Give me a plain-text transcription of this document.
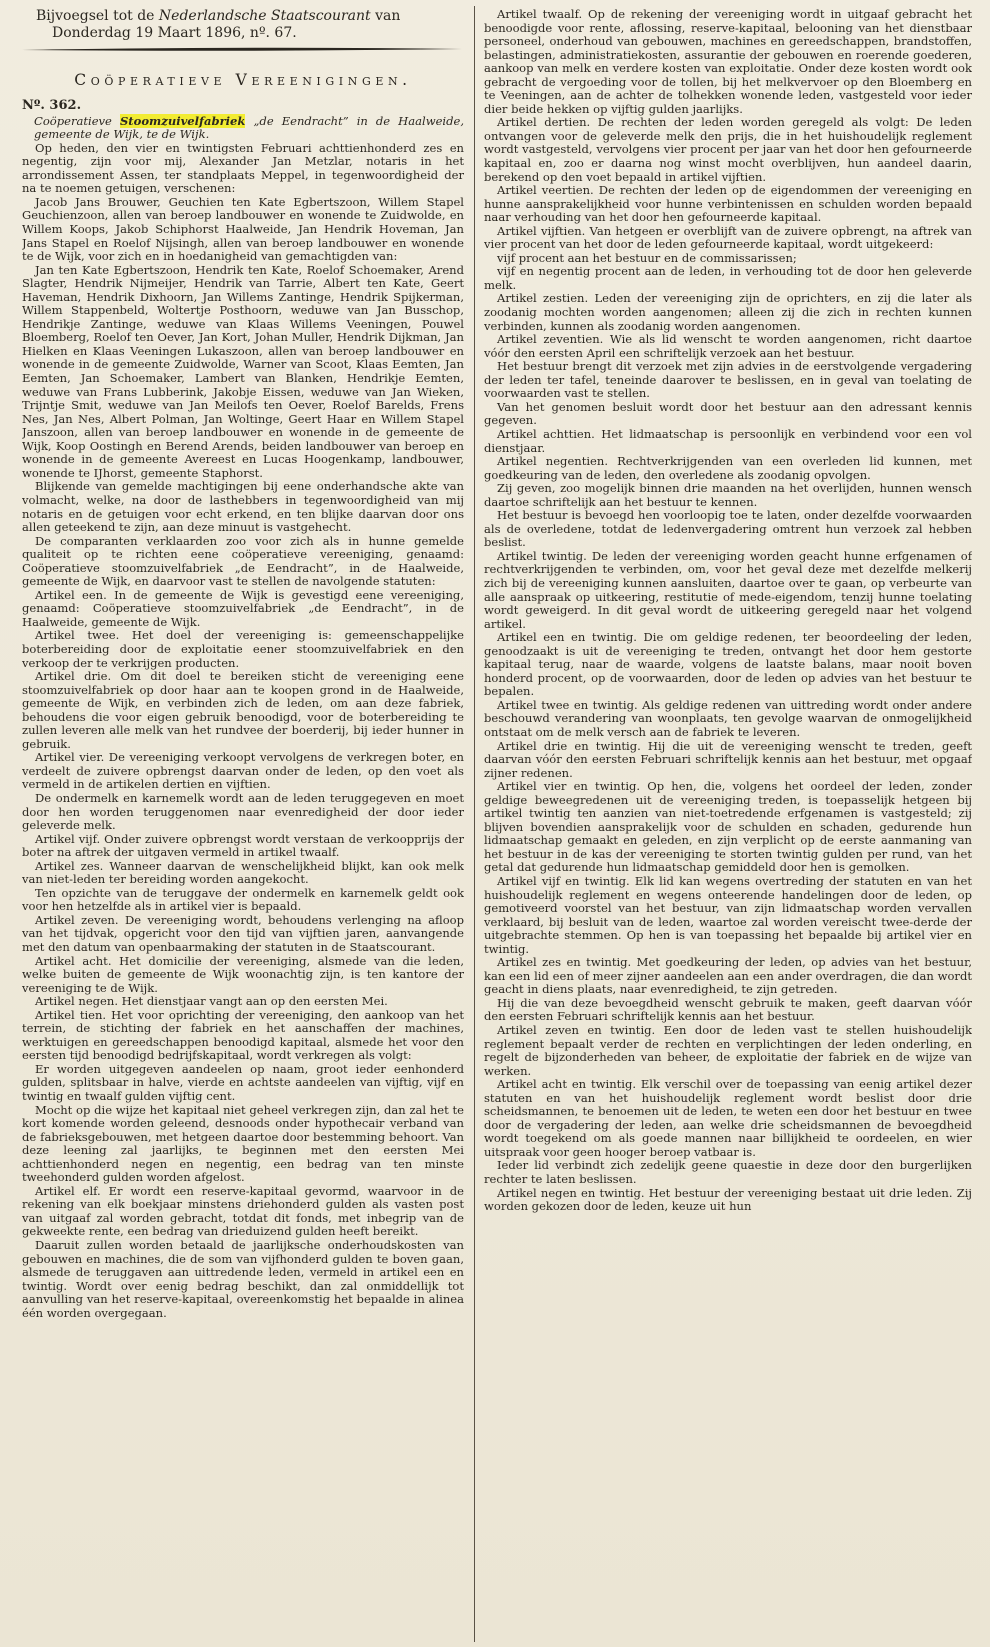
Bijvoegsel tot de Nederlandsche Staatscourant van
Donderdag 19 Maart 1896, nº. 67.
Coöperatieve Vereenigingen.
Nº. 362.

Coöperatieve Stoomzuivelfabriek „de Eendracht” in de Haalweide, gemeente de Wijk, te de Wijk.

Op heden, den vier en twintigsten Februari achttienhonderd zes en negentig, zijn voor mij, Alexander Jan Metzlar, notaris in het arrondissement Assen, ter standplaats Meppel, in tegenwoordigheid der na te noemen getuigen, verschenen:

Jacob Jans Brouwer, Geuchien ten Kate Egbertszoon, Willem Stapel Geuchienzoon, allen van beroep landbouwer en wonende te Zuidwolde, en Willem Koops, Jakob Schiphorst Haalweide, Jan Hendrik Hoveman, Jan Jans Stapel en Roelof Nijsingh, allen van beroep landbouwer en wonende te de Wijk, voor zich en in hoedanigheid van gemachtigden van:

Jan ten Kate Egbertszoon, Hendrik ten Kate, Roelof Schoemaker, Arend Slagter, Hendrik Nijmeijer, Hendrik van Tarrie, Albert ten Kate, Geert Haveman, Hendrik Dixhoorn, Jan Willems Zantinge, Hendrik Spijkerman, Willem Stappenbeld, Woltertje Posthoorn, weduwe van Jan Busschop, Hendrikje Zantinge, weduwe van Klaas Willems Veeningen, Pouwel Bloemberg, Roelof ten Oever, Jan Kort, Johan Muller, Hendrik Dijkman, Jan Hielken en Klaas Veeningen Lukaszoon, allen van beroep landbouwer en wonende in de gemeente Zuidwolde, Warner van Scoot, Klaas Eemten, Jan Eemten, Jan Schoemaker, Lambert van Blanken, Hendrikje Eemten, weduwe van Frans Lubberink, Jakobje Eissen, weduwe van Jan Wieken, Trijntje Smit, weduwe van Jan Meilofs ten Oever, Roelof Barelds, Frens Nes, Jan Nes, Albert Polman, Jan Woltinge, Geert Haar en Willem Stapel Janszoon, allen van beroep landbouwer en wonende in de gemeente de Wijk, Koop Oostingh en Berend Arends, beiden landbouwer van beroep en wonende in de gemeente Avereest en Lucas Hoogenkamp, landbouwer, wonende te IJhorst, gemeente Staphorst.

Blijkende van gemelde machtigingen bij eene onderhandsche akte van volmacht, welke, na door de lasthebbers in tegenwoordigheid van mij notaris en de getuigen voor echt erkend, en ten blijke daarvan door ons allen geteekend te zijn, aan deze minuut is vastgehecht.

De comparanten verklaarden zoo voor zich als in hunne gemelde qualiteit op te richten eene coöperatieve vereeniging, genaamd: Coöperatieve stoomzuivelfabriek „de Eendracht”, in de Haalweide, gemeente de Wijk, en daarvoor vast te stellen de navolgende statuten:

Artikel een. In de gemeente de Wijk is gevestigd eene vereeniging, genaamd: Coöperatieve stoomzuivelfabriek „de Eendracht”, in de Haalweide, gemeente de Wijk.

Artikel twee. Het doel der vereeniging is: gemeenschappelijke boterbereiding door de exploitatie eener stoomzuivelfabriek en den verkoop der te verkrijgen producten.

Artikel drie. Om dit doel te bereiken sticht de vereeniging eene stoomzuivelfabriek op door haar aan te koopen grond in de Haalweide, gemeente de Wijk, en verbinden zich de leden, om aan deze fabriek, behoudens die voor eigen gebruik benoodigd, voor de boterbereiding te zullen leveren alle melk van het rundvee der boerderij, bij ieder hunner in gebruik.

Artikel vier. De vereeniging verkoopt vervolgens de verkregen boter, en verdeelt de zuivere opbrengst daarvan onder de leden, op den voet als vermeld in de artikelen dertien en vijftien.

De ondermelk en karnemelk wordt aan de leden teruggegeven en moet door hen worden teruggenomen naar evenredigheid der door ieder geleverde melk.

Artikel vijf. Onder zuivere opbrengst wordt verstaan de verkoopprijs der boter na aftrek der uitgaven vermeld in artikel twaalf.

Artikel zes. Wanneer daarvan de wenschelijkheid blijkt, kan ook melk van niet-leden ter bereiding worden aangekocht.

Ten opzichte van de teruggave der ondermelk en karnemelk geldt ook voor hen hetzelfde als in artikel vier is bepaald.

Artikel zeven. De vereeniging wordt, behoudens verlenging na afloop van het tijdvak, opgericht voor den tijd van vijftien jaren, aanvangende met den datum van openbaarmaking der statuten in de Staatscourant.

Artikel acht. Het domicilie der vereeniging, alsmede van die leden, welke buiten de gemeente de Wijk woonachtig zijn, is ten kantore der vereeniging te de Wijk.

Artikel negen. Het dienstjaar vangt aan op den eersten Mei.

Artikel tien. Het voor oprichting der vereeniging, den aankoop van het terrein, de stichting der fabriek en het aanschaffen der machines, werktuigen en gereedschappen benoodigd kapitaal, alsmede het voor den eersten tijd benoodigd bedrijfskapitaal, wordt verkregen als volgt:

Er worden uitgegeven aandeelen op naam, groot ieder eenhonderd gulden, splitsbaar in halve, vierde en achtste aandeelen van vijftig, vijf en twintig en twaalf gulden vijftig cent.

Mocht op die wijze het kapitaal niet geheel verkregen zijn, dan zal het te kort komende worden geleend, desnoods onder hypothecair verband van de fabrieksgebouwen, met hetgeen daartoe door bestemming behoort. Van deze leening zal jaarlijks, te beginnen met den eersten Mei achttienhonderd negen en negentig, een bedrag van ten minste tweehonderd gulden worden afgelost.

Artikel elf. Er wordt een reserve-kapitaal gevormd, waarvoor in de rekening van elk boekjaar minstens driehonderd gulden als vasten post van uitgaaf zal worden gebracht, totdat dit fonds, met inbegrip van de gekweekte rente, een bedrag van drieduizend gulden heeft bereikt.

Daaruit zullen worden betaald de jaarlijksche onderhoudskosten van gebouwen en machines, die de som van vijfhonderd gulden te boven gaan, alsmede de teruggaven aan uittredende leden, vermeld in artikel een en twintig. Wordt over eenig bedrag beschikt, dan zal onmiddellijk tot aanvulling van het reserve-kapitaal, overeenkomstig het bepaalde in alinea één worden overgegaan.

Artikel twaalf. Op de rekening der vereeniging wordt in uitgaaf gebracht het benoodigde voor rente, aflossing, reserve-kapitaal, belooning van het dienstbaar personeel, onderhoud van gebouwen, machines en gereedschappen, brandstoffen, belastingen, administratiekosten, assurantie der gebouwen en roerende goederen, aankoop van melk en verdere kosten van exploitatie. Onder deze kosten wordt ook gebracht de vergoeding voor de tollen, bij het melkvervoer op den Bloemberg en te Veeningen, aan de achter de tolhekken wonende leden, vastgesteld voor ieder dier beide hekken op vijftig gulden jaarlijks.

Artikel dertien. De rechten der leden worden geregeld als volgt: De leden ontvangen voor de geleverde melk den prijs, die in het huishoudelijk reglement wordt vastgesteld, vervolgens vier procent per jaar van het door hen gefourneerde kapitaal en, zoo er daarna nog winst mocht overblijven, hun aandeel daarin, berekend op den voet bepaald in artikel vijftien.

Artikel veertien. De rechten der leden op de eigendommen der vereeniging en hunne aansprakelijkheid voor hunne verbintenissen en schulden worden bepaald naar verhouding van het door hen gefourneerde kapitaal.

Artikel vijftien. Van hetgeen er overblijft van de zuivere opbrengt, na aftrek van vier procent van het door de leden gefourneerde kapitaal, wordt uitgekeerd:

vijf procent aan het bestuur en de commissarissen;

vijf en negentig procent aan de leden, in verhouding tot de door hen geleverde melk.

Artikel zestien. Leden der vereeniging zijn de oprichters, en zij die later als zoodanig mochten worden aangenomen; alleen zij die zich in rechten kunnen verbinden, kunnen als zoodanig worden aangenomen.

Artikel zeventien. Wie als lid wenscht te worden aangenomen, richt daartoe vóór den eersten April een schriftelijk verzoek aan het bestuur.

Het bestuur brengt dit verzoek met zijn advies in de eerstvolgende vergadering der leden ter tafel, teneinde daarover te beslissen, en in geval van toelating de voorwaarden vast te stellen.

Van het genomen besluit wordt door het bestuur aan den adressant kennis gegeven.

Artikel achttien. Het lidmaatschap is persoonlijk en verbindend voor een vol dienstjaar.

Artikel negentien. Rechtverkrijgenden van een overleden lid kunnen, met goedkeuring van de leden, den overledene als zoodanig opvolgen.

Zij geven, zoo mogelijk binnen drie maanden na het overlijden, hunnen wensch daartoe schriftelijk aan het bestuur te kennen.

Het bestuur is bevoegd hen voorloopig toe te laten, onder dezelfde voorwaarden als de overledene, totdat de ledenvergadering omtrent hun verzoek zal hebben beslist.

Artikel twintig. De leden der vereeniging worden geacht hunne erfgenamen of rechtverkrijgenden te verbinden, om, voor het geval deze met dezelfde melkerij zich bij de vereeniging kunnen aansluiten, daartoe over te gaan, op verbeurte van alle aanspraak op uitkeering, restitutie of mede-eigendom, tenzij hunne toelating wordt geweigerd. In dit geval wordt de uitkeering geregeld naar het volgend artikel.

Artikel een en twintig. Die om geldige redenen, ter beoordeeling der leden, genoodzaakt is uit de vereeniging te treden, ontvangt het door hem gestorte kapitaal terug, naar de waarde, volgens de laatste balans, maar nooit boven honderd procent, op de voorwaarden, door de leden op advies van het bestuur te bepalen.

Artikel twee en twintig. Als geldige redenen van uittreding wordt onder andere beschouwd verandering van woonplaats, ten gevolge waarvan de onmogelijkheid ontstaat om de melk versch aan de fabriek te leveren.

Artikel drie en twintig. Hij die uit de vereeniging wenscht te treden, geeft daarvan vóór den eersten Februari schriftelijk kennis aan het bestuur, met opgaaf zijner redenen.

Artikel vier en twintig. Op hen, die, volgens het oordeel der leden, zonder geldige beweegredenen uit de vereeniging treden, is toepasselijk hetgeen bij artikel twintig ten aanzien van niet-toetredende erfgenamen is vastgesteld; zij blijven bovendien aansprakelijk voor de schulden en schaden, gedurende hun lidmaatschap gemaakt en geleden, en zijn verplicht op de eerste aanmaning van het bestuur in de kas der vereeniging te storten twintig gulden per rund, van het getal dat gedurende hun lidmaatschap gemiddeld door hen is gemolken.

Artikel vijf en twintig. Elk lid kan wegens overtreding der statuten en van het huishoudelijk reglement en wegens onteerende handelingen door de leden, op gemotiveerd voorstel van het bestuur, van zijn lidmaatschap worden vervallen verklaard, bij besluit van de leden, waartoe zal worden vereischt twee-derde der uitgebrachte stemmen. Op hen is van toepassing het bepaalde bij artikel vier en twintig.

Artikel zes en twintig. Met goedkeuring der leden, op advies van het bestuur, kan een lid een of meer zijner aandeelen aan een ander overdragen, die dan wordt geacht in diens plaats, naar evenredigheid, te zijn getreden.

Hij die van deze bevoegdheid wenscht gebruik te maken, geeft daarvan vóór den eersten Februari schriftelijk kennis aan het bestuur.

Artikel zeven en twintig. Een door de leden vast te stellen huishoudelijk reglement bepaalt verder de rechten en verplichtingen der leden onderling, en regelt de bijzonderheden van beheer, de exploitatie der fabriek en de wijze van werken.

Artikel acht en twintig. Elk verschil over de toepassing van eenig artikel dezer statuten en van het huishoudelijk reglement wordt beslist door drie scheidsmannen, te benoemen uit de leden, te weten een door het bestuur en twee door de vergadering der leden, aan welke drie scheidsmannen de bevoegdheid wordt toegekend om als goede mannen naar billijkheid te oordeelen, en wier uitspraak voor geen hooger beroep vatbaar is.

Ieder lid verbindt zich zedelijk geene quaestie in deze door den burgerlijken rechter te laten beslissen.

Artikel negen en twintig. Het bestuur der vereeniging bestaat uit drie leden. Zij worden gekozen door de leden, keuze uit hun
